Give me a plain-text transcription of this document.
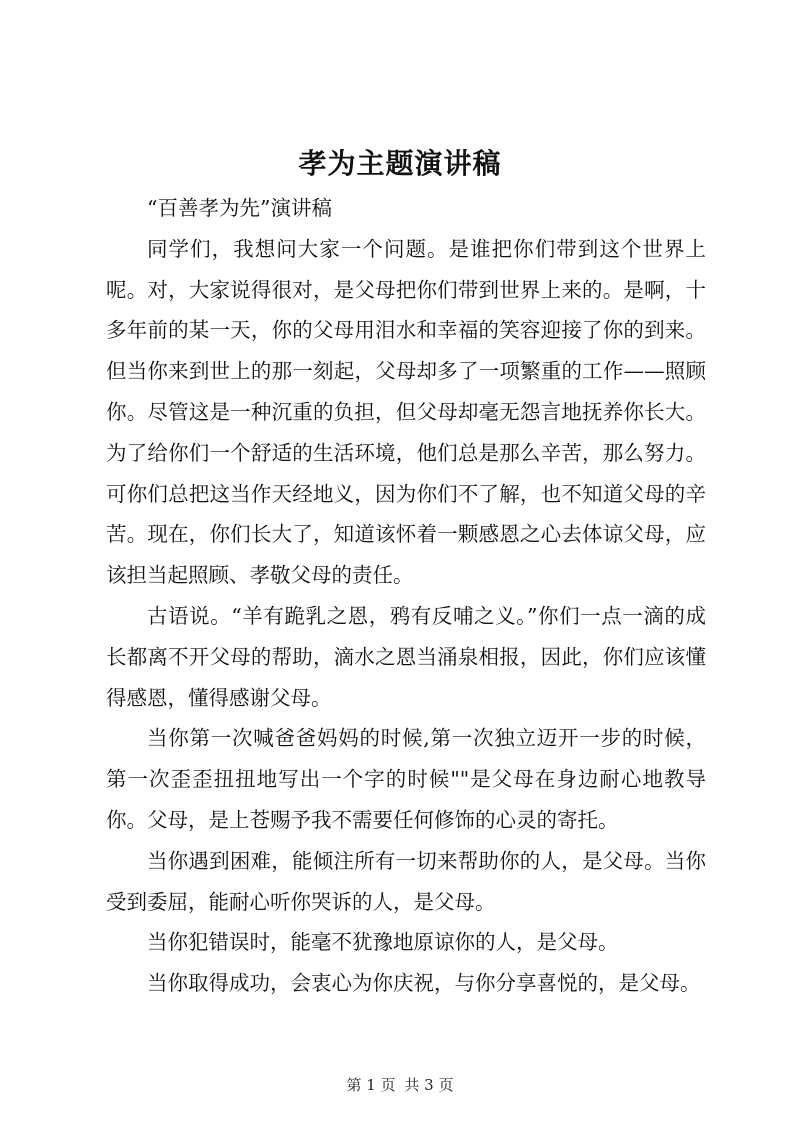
孝为主题演讲稿

“百善孝为先”演讲稿

同学们，我想问大家一个问题。是谁把你们带到这个世界上呢。对，大家说得很对，是父母把你们带到世界上来的。是啊，十多年前的某一天，你的父母用泪水和幸福的笑容迎接了你的到来。但当你来到世上的那一刻起，父母却多了一项繁重的工作——照顾你。尽管这是一种沉重的负担，但父母却毫无怨言地抚养你长大。为了给你们一个舒适的生活环境，他们总是那么辛苦，那么努力。可你们总把这当作天经地义，因为你们不了解，也不知道父母的辛苦。现在，你们长大了，知道该怀着一颗感恩之心去体谅父母，应该担当起照顾、孝敬父母的责任。

古语说。“羊有跪乳之恩，鸦有反哺之义。”你们一点一滴的成长都离不开父母的帮助，滴水之恩当涌泉相报，因此，你们应该懂得感恩，懂得感谢父母。

当你第一次喊爸爸妈妈的时候,第一次独立迈开一步的时候，第一次歪歪扭扭地写出一个字的时候""是父母在身边耐心地教导你。父母，是上苍赐予我不需要任何修饰的心灵的寄托。

当你遇到困难，能倾注所有一切来帮助你的人，是父母。当你受到委屈，能耐心听你哭诉的人，是父母。

当你犯错误时，能毫不犹豫地原谅你的人，是父母。

当你取得成功，会衷心为你庆祝，与你分享喜悦的，是父母。

第 1 页 共 3 页
